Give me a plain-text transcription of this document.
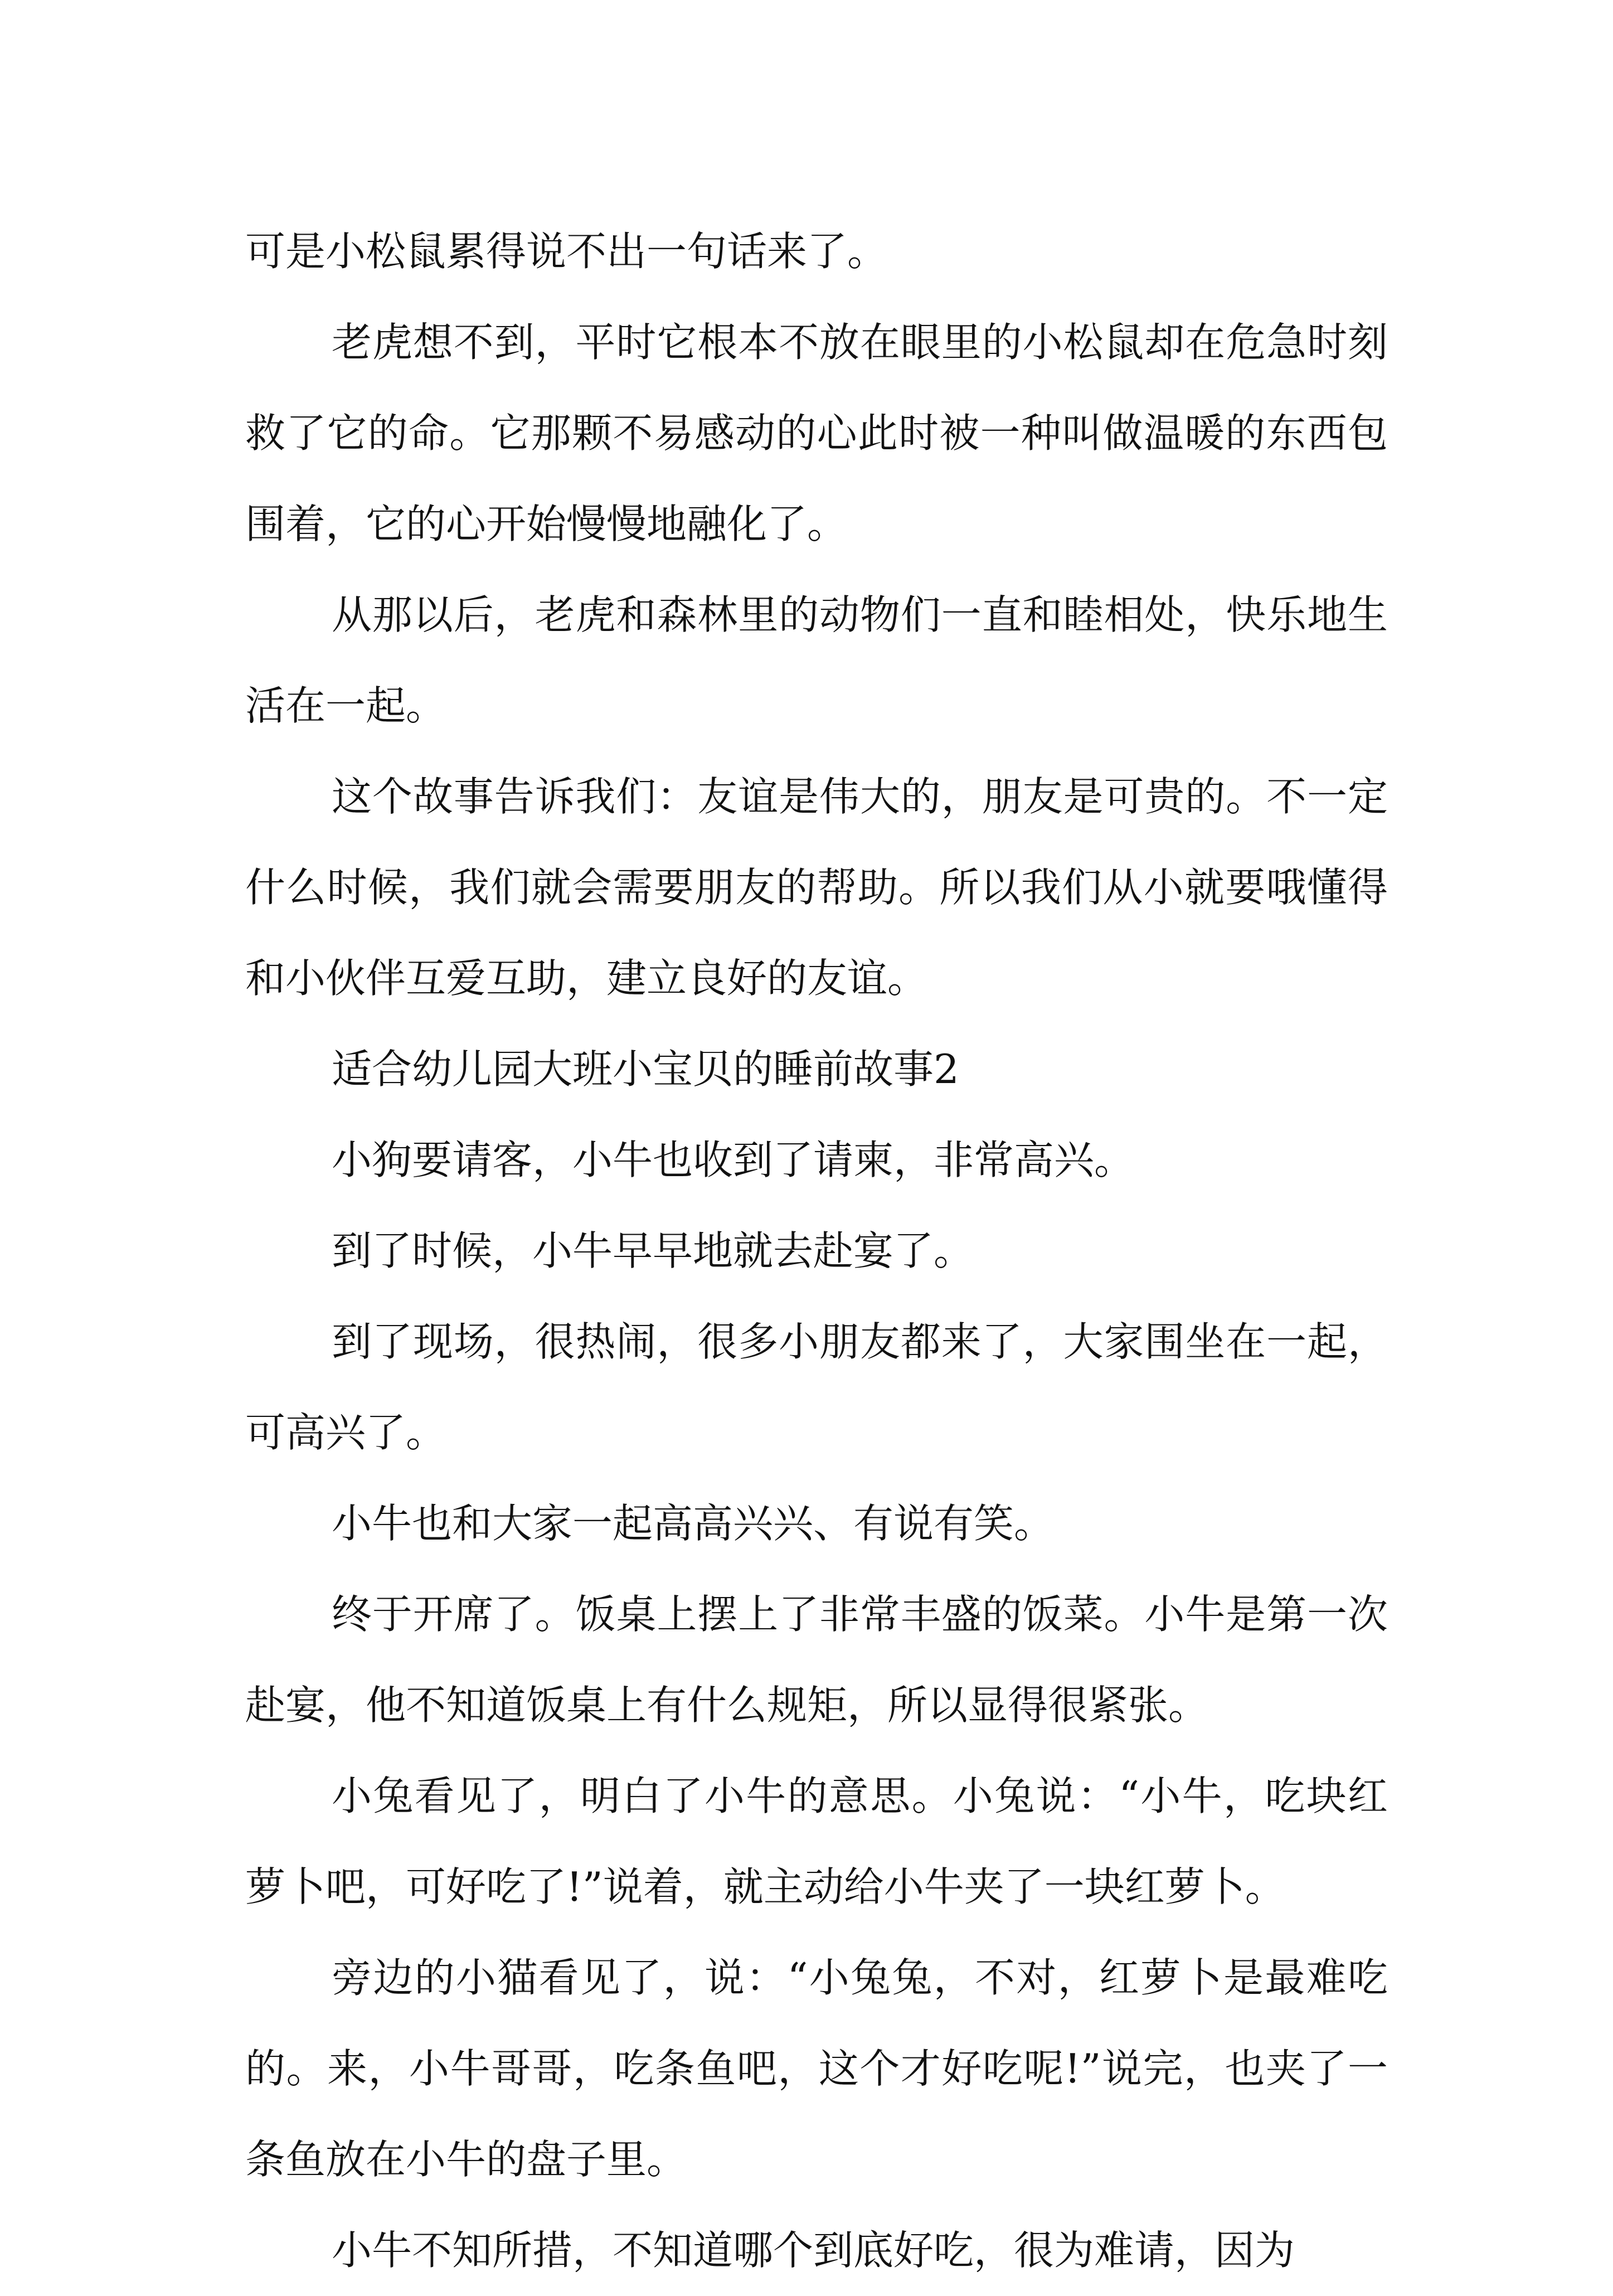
可是小松鼠累得说不出一句话来了。

老虎想不到，平时它根本不放在眼里的小松鼠却在危急时刻救了它的命。它那颗不易感动的心此时被一种叫做温暖的东西包围着，它的心开始慢慢地融化了。

从那以后，老虎和森林里的动物们一直和睦相处，快乐地生活在一起。

这个故事告诉我们：友谊是伟大的，朋友是可贵的。不一定什么时候，我们就会需要朋友的帮助。所以我们从小就要哦懂得和小伙伴互爱互助，建立良好的友谊。

适合幼儿园大班小宝贝的睡前故事2

小狗要请客，小牛也收到了请柬，非常高兴。

到了时候，小牛早早地就去赴宴了。

到了现场，很热闹，很多小朋友都来了，大家围坐在一起，可高兴了。

小牛也和大家一起高高兴兴、有说有笑。

终于开席了。饭桌上摆上了非常丰盛的饭菜。小牛是第一次赴宴，他不知道饭桌上有什么规矩，所以显得很紧张。

小兔看见了，明白了小牛的意思。小兔说：“小牛，吃块红萝卜吧，可好吃了!”说着，就主动给小牛夹了一块红萝卜。

旁边的小猫看见了，说：“小兔兔，不对，红萝卜是最难吃的。来，小牛哥哥，吃条鱼吧，这个才好吃呢!”说完，也夹了一条鱼放在小牛的盘子里。

小牛不知所措，不知道哪个到底好吃，很为难请，因为
